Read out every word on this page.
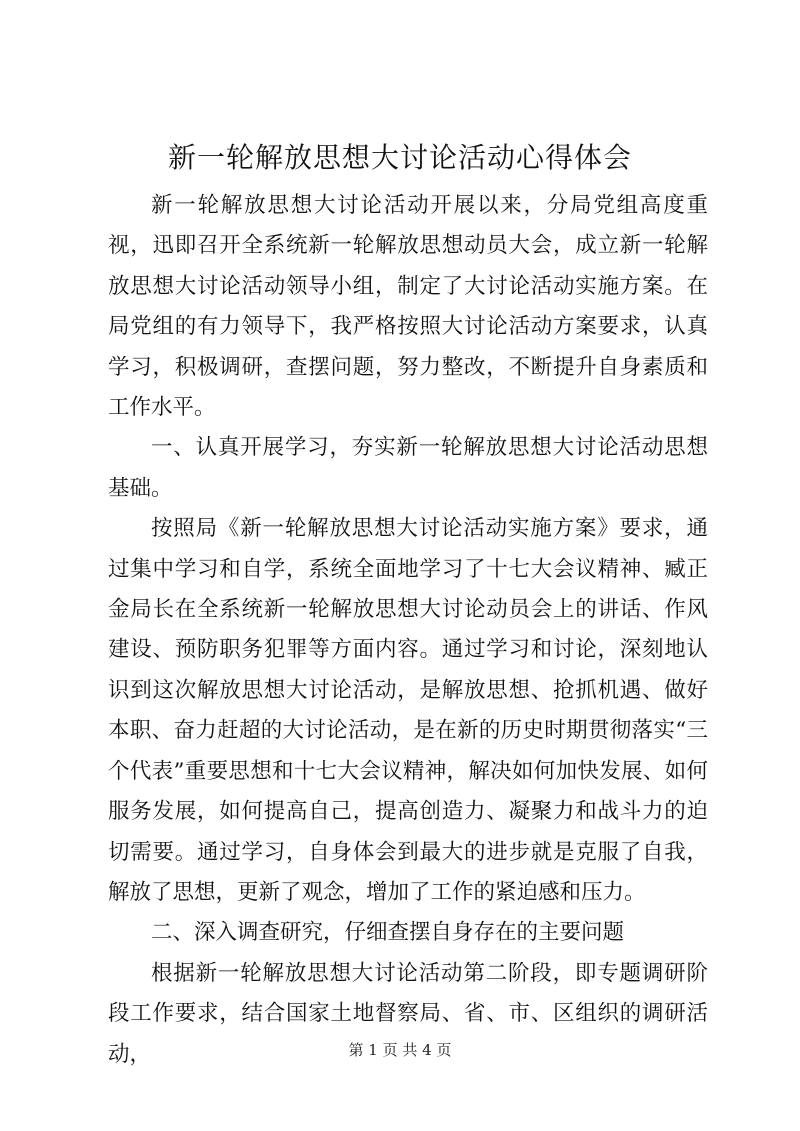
新一轮解放思想大讨论活动心得体会

新一轮解放思想大讨论活动开展以来，分局党组高度重视，迅即召开全系统新一轮解放思想动员大会，成立新一轮解放思想大讨论活动领导小组，制定了大讨论活动实施方案。在局党组的有力领导下，我严格按照大讨论活动方案要求，认真学习，积极调研，查摆问题，努力整改，不断提升自身素质和工作水平。

一、认真开展学习，夯实新一轮解放思想大讨论活动思想基础。

按照局《新一轮解放思想大讨论活动实施方案》要求，通过集中学习和自学，系统全面地学习了十七大会议精神、臧正金局长在全系统新一轮解放思想大讨论动员会上的讲话、作风建设、预防职务犯罪等方面内容。通过学习和讨论，深刻地认识到这次解放思想大讨论活动，是解放思想、抢抓机遇、做好本职、奋力赶超的大讨论活动，是在新的历史时期贯彻落实“三个代表”重要思想和十七大会议精神，解决如何加快发展、如何服务发展，如何提高自己，提高创造力、凝聚力和战斗力的迫切需要。通过学习，自身体会到最大的进步就是克服了自我，解放了思想，更新了观念，增加了工作的紧迫感和压力。

二、深入调查研究，仔细查摆自身存在的主要问题

根据新一轮解放思想大讨论活动第二阶段，即专题调研阶段工作要求，结合国家土地督察局、省、市、区组织的调研活动，	第 1 页 共 4 页
